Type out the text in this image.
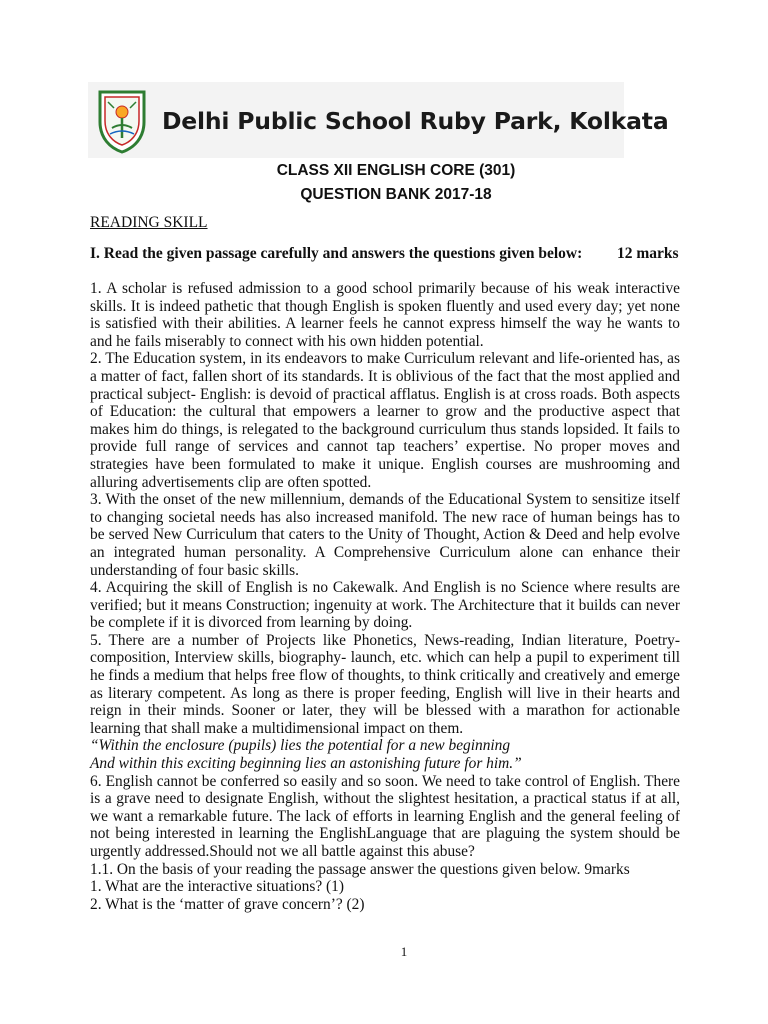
Delhi Public School Ruby Park, Kolkata
CLASS XII ENGLISH CORE (301)
QUESTION BANK 2017-18
READING SKILL
I. Read the given passage carefully and answers the questions given below: 12 marks

1. A scholar is refused admission to a good school primarily because of his weak interactive skills. It is indeed pathetic that though English is spoken fluently and used every day; yet none is satisfied with their abilities. A learner feels he cannot express himself the way he wants to and he fails miserably to connect with his own hidden potential.

2. The Education system, in its endeavors to make Curriculum relevant and life-oriented has, as a matter of fact, fallen short of its standards. It is oblivious of the fact that the most applied and practical subject- English: is devoid of practical afflatus. English is at cross roads. Both aspects of Education: the cultural that empowers a learner to grow and the productive aspect that makes him do things, is relegated to the background curriculum thus stands lopsided. It fails to provide full range of services and cannot tap teachers’ expertise. No proper moves and strategies have been formulated to make it unique. English courses are mushrooming and alluring advertisements clip are often spotted.

3. With the onset of the new millennium, demands of the Educational System to sensitize itself to changing societal needs has also increased manifold. The new race of human beings has to be served New Curriculum that caters to the Unity of Thought, Action & Deed and help evolve an integrated human personality. A Comprehensive Curriculum alone can enhance their understanding of four basic skills.

4. Acquiring the skill of English is no Cakewalk. And English is no Science where results are verified; but it means Construction; ingenuity at work. The Architecture that it builds can never be complete if it is divorced from learning by doing.

5. There are a number of Projects like Phonetics, News-reading, Indian literature, Poetry-composition, Interview skills, biography- launch, etc. which can help a pupil to experiment till he finds a medium that helps free flow of thoughts, to think critically and creatively and emerge as literary competent. As long as there is proper feeding, English will live in their hearts and reign in their minds. Sooner or later, they will be blessed with a marathon for actionable learning that shall make a multidimensional impact on them.

“Within the enclosure (pupils) lies the potential for a new beginning

And within this exciting beginning lies an astonishing future for him.”

6. English cannot be conferred so easily and so soon. We need to take control of English. There is a grave need to designate English, without the slightest hesitation, a practical status if at all, we want a remarkable future. The lack of efforts in learning English and the general feeling of not being interested in learning the EnglishLanguage that are plaguing the system should be urgently addressed.Should not we all battle against this abuse?

1.1. On the basis of your reading the passage answer the questions given below. 9marks

1. What are the interactive situations? (1)

2. What is the ‘matter of grave concern’? (2)

1
